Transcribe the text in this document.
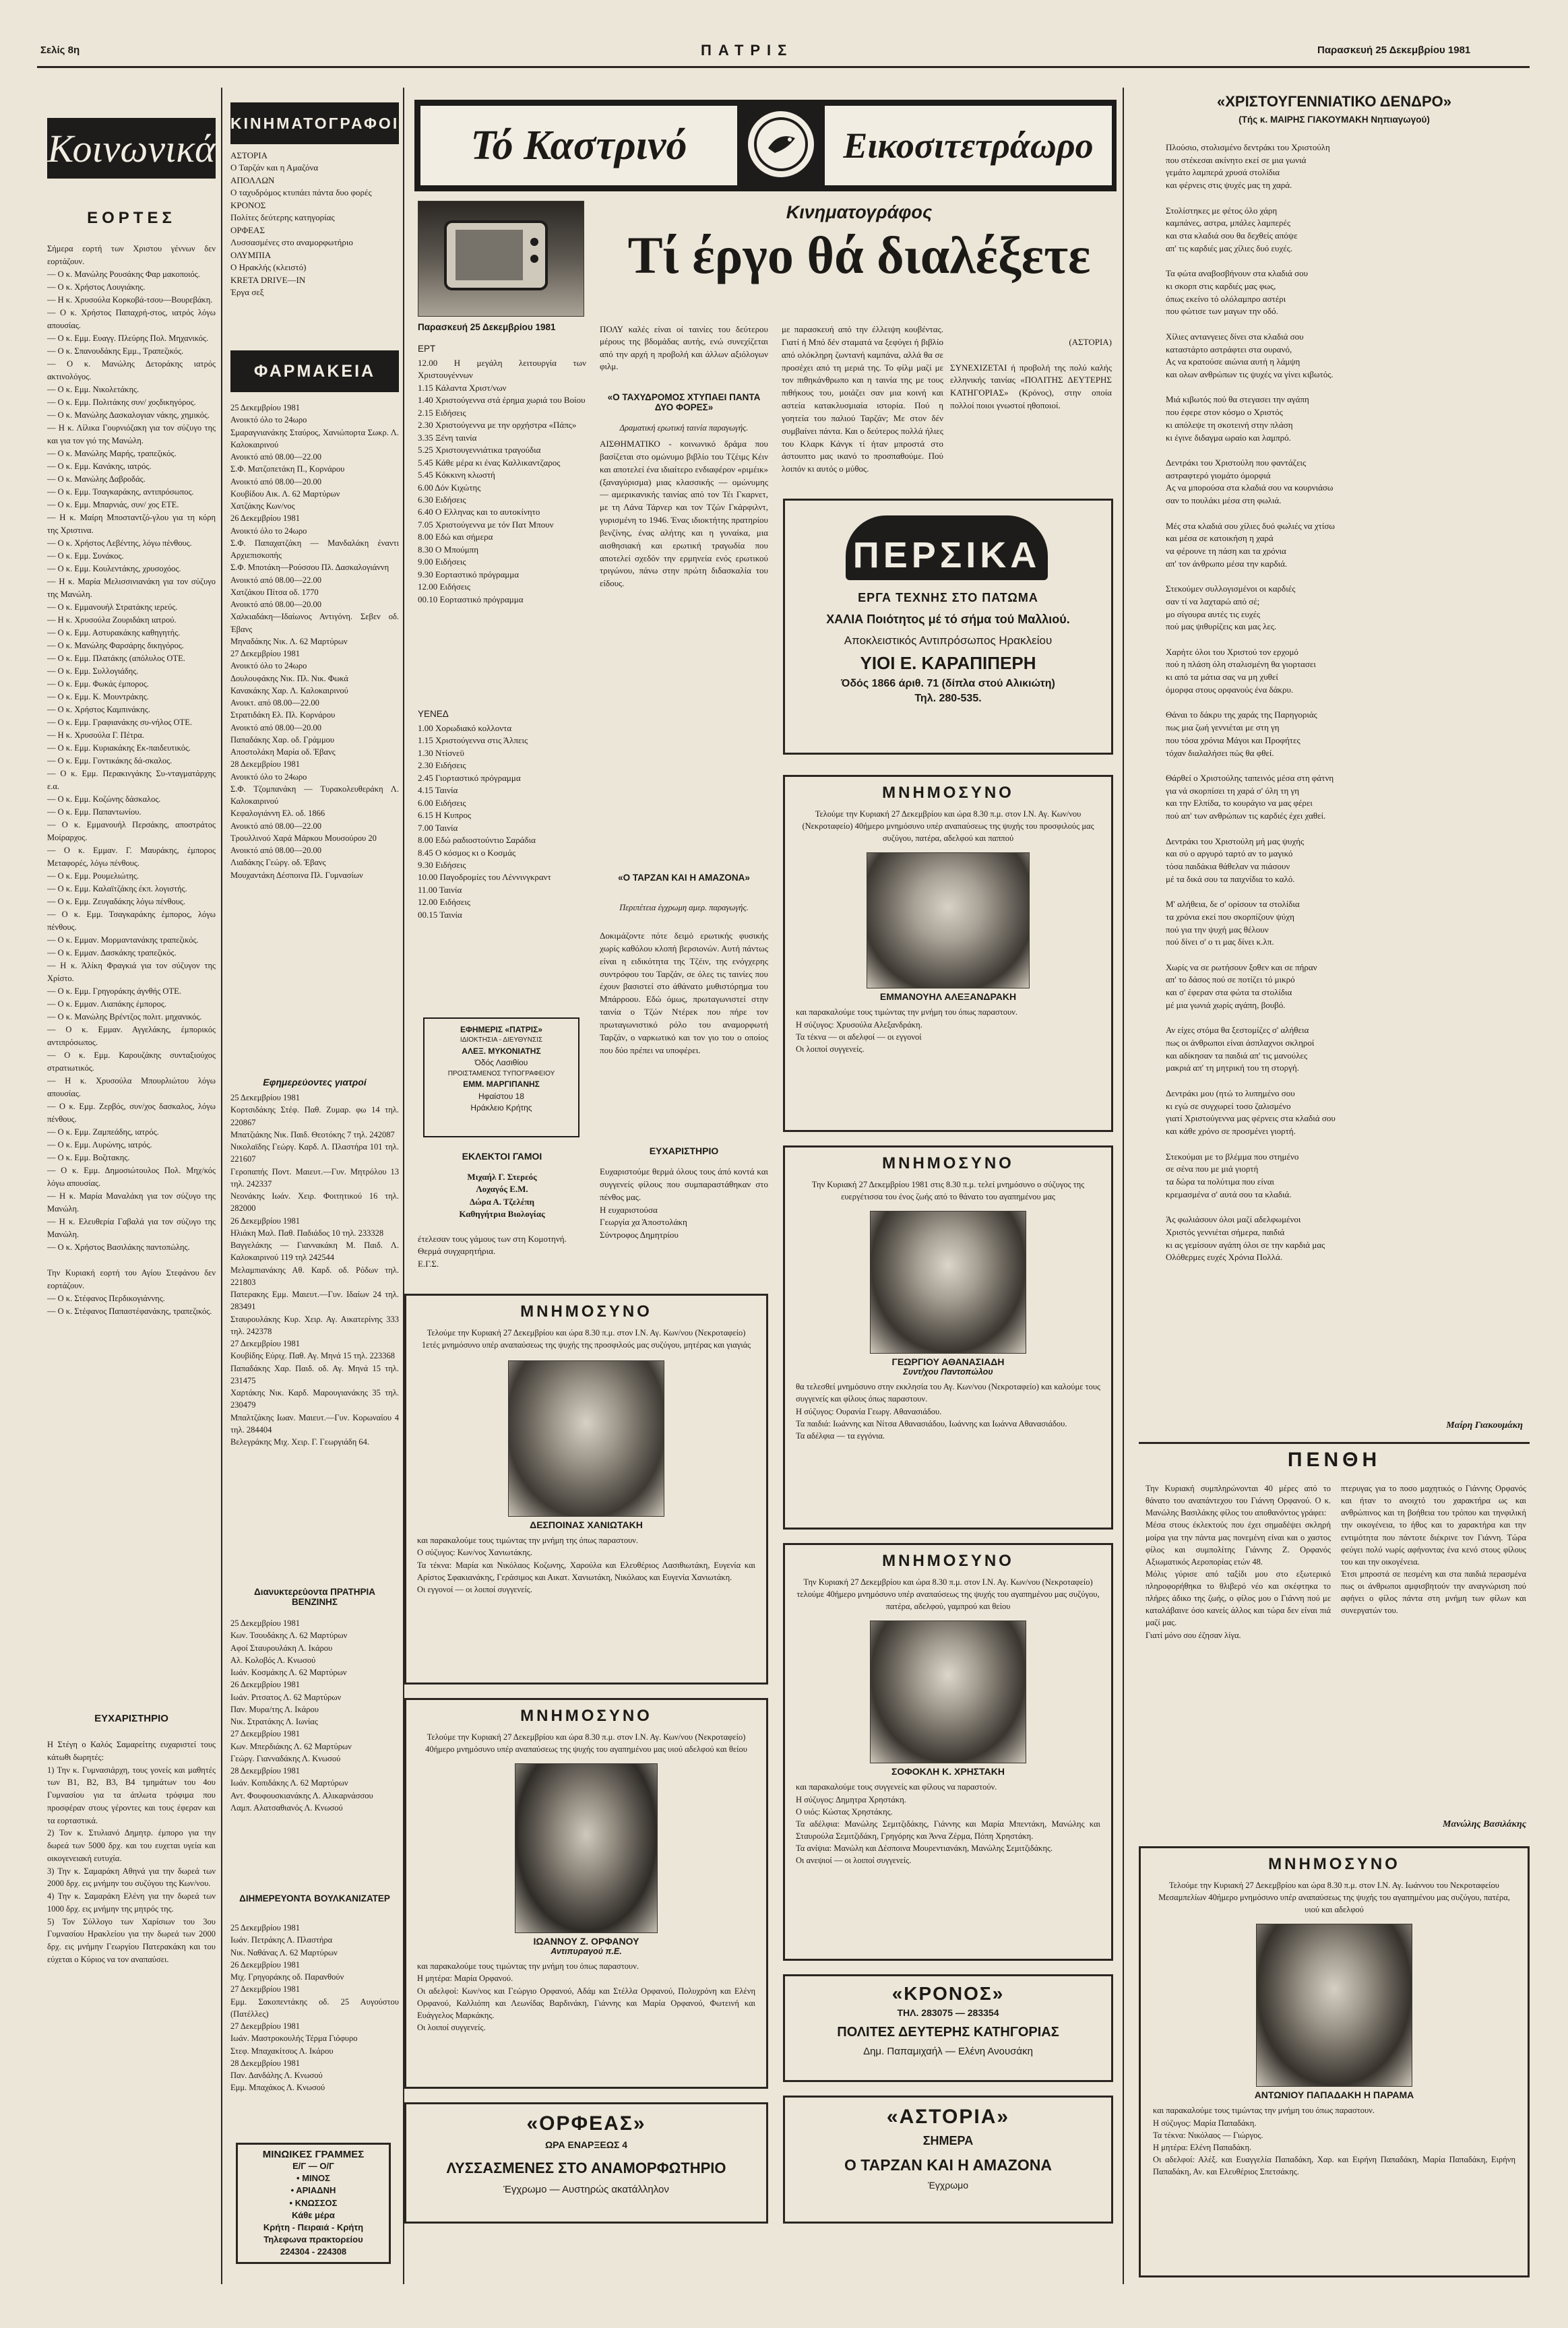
Σελίς 8η	ΠΑΤΡΙΣ	Παρασκευή 25 Δεκεμβρίου 1981
Κοινωνικά
ΕΟΡΤΕΣ
Σήμερα εορτή των Χριστου γέννων δεν εορτάζουν.
— Ο κ. Μανώλης Ρουσάκης Φαρ μακοποιός.
— Ο κ. Χρήστος Λουγιάκης.
— Η κ. Χρυσούλα Κορκοβά-τσου—Βουρεβάκη.
— Ο κ. Χρήστος Παπαχρή-στος, ιατρός λόγω απουσίας.
— Ο κ. Εμμ. Ευαγγ. Πλεύρης Πολ. Μηχανικός.
— Ο κ. Σπανουδάκης Εμμ., Τραπεζικός.
— Ο κ. Μανώλης Δετοράκης ιατρός ακτινολόγος.
— Ο κ. Εμμ. Νικολετάκης.
— Ο κ. Εμμ. Πολιτάκης συν/ χοςδικηγόρος.
— Ο κ. Μανώλης Δασκαλογιαν νάκης, χημικός.
— Η κ. Λίλικα Γουρνιόζακη για τον σύζυγο της και για τον γιό της Μανώλη.
— Ο κ. Μανώλης Μαρής, τραπεζικός.
— Ο κ. Εμμ. Κανάκης, ιατρός.
— Ο κ. Μανώλης Δαβροδάς.
— Ο κ. Εμμ. Τσαγκαράκης, αντιπρόσωπος.
— Ο κ. Εμμ. Μπαρνιάς, συν/ χος ΕΤΕ.
— Η κ. Μαίρη Μποσταντζό-γλου για τη κόρη της Χριστινα.
— Ο κ. Χρήστος Λεβέντης, λόγω πένθους.
— Ο κ. Εμμ. Συνάκος.
— Ο κ. Εμμ. Κουλεντάκης, χρυσοχόος.
— Η κ. Μαρία Μελισσινιανάκη για τον σύζυγο της Μανώλη.
— Ο κ. Εμμανουήλ Στρατάκης ιερεύς.
— Η κ. Χρυσούλα Ζουριδάκη ιατρού.
— Ο κ. Εμμ. Αστυρακάκης καθηγητής.
— Ο κ. Μανώλης Φαρσάρης δικηγόρος.
— Ο κ. Εμμ. Πλατάκης (απόλυλος ΟΤΕ.
— Ο κ. Εμμ. Συλλογιάδης.
— Ο κ. Εμμ. Φωκάς έμπορος.
— Ο κ. Εμμ. Κ. Μουντράκης.
— Ο κ. Χρήστος Καμπινάκης.
— Ο κ. Εμμ. Γραφιανάκης συ-νήλος ΟΤΕ.
— Η κ. Χρυσούλα Γ. Πέτρα.
— Ο κ. Εμμ. Κυριακάκης Εκ-παιδευτικός.
— Ο κ. Εμμ. Γοντικάκης δά-σκαλος.
— Ο κ. Εμμ. Περακινγάκης Συ-νταγματάρχης ε.α.
— Ο κ. Εμμ. Κοζώνης δάσκαλος.
— Ο κ. Εμμ. Παπαντωνίου.
— Ο κ. Εμμανουήλ Περσάκης, αποστράτος Μοίραρχος.
— Ο κ. Εμμαν. Γ. Μαυράκης, έμπορος Μεταφορές, λόγω πένθους.
— Ο κ. Εμμ. Ρουμελιώτης.
— Ο κ. Εμμ. Καλαϊτζάκης έκπ. λογιστής.
— Ο κ. Εμμ. Ζευγαδάκης λόγω πένθους.
— Ο κ. Εμμ. Τσαγκαράκης έμπορος, λόγω πένθους.
— Ο κ. Εμμαν. Μορμαντανάκης τραπεζικός.
— Ο κ. Εμμαν. Δασκάκης τραπεζικός.
— Η κ. Άλίκη Φραγκιά για τον σύζυγον της Χρίστο.
— Ο κ. Εμμ. Γρηγοράκης άγνθής ΟΤΕ.
— Ο κ. Εμμαν. Λιαπάκης έμπορος.
— Ο κ. Μανώλης Βρέντζος πολιτ. μηχανικός.
— Ο κ. Εμμαν. Αγγελάκης, έμπορικός αντιπρόσωπος.
— Ο κ. Εμμ. Καρουζάκης συνταξιούχος στρατιωτικός.
— Η κ. Χρυσούλα Μπουρλιώτου λόγω απουσίας.
— Ο κ. Εμμ. Ζερβός, συν/χος δασκαλος, λόγω πένθους.
— Ο κ. Εμμ. Ζαμπεάδης, ιατρός.
— Ο κ. Εμμ. Λυρώνης, ιατρός.
— Ο κ. Εμμ. Βοζιτακης.
— Ο κ. Εμμ. Δημοσιώτουλος Πολ. Μηχ/κός λόγω απουσίας.
— Η κ. Μαρία Μαναλάκη για τον σύζυγο της Μανώλη.
— Η κ. Ελευθερία Γαβαλά για τον σύζυγο της Μανώλη.
— Ο κ. Χρήστος Βασιλάκης παντοπώλης.

Την Κυριακή εορτή του Αγίου Στεφάνου δεν εορτάζουν.
— Ο κ. Στέφανος Περδικογιάννης.
— Ο κ. Στέφανος Παπαστέφανάκης, τραπεζικός.
ΕΥΧΑΡΙΣΤΗΡΙΟ
Η Στέγη ο Καλός Σαμαρείτης ευχαριστεί τους κάτωθι δωρητές:
1) Την κ. Γυμνασιάρχη, τους γονείς και μαθητές των Β1, Β2, Β3, Β4 τμημάτων του 4ου Γυμνασίου για τα άπλωτα τρόφιμα που προσφέραν στους γέροντες και τους έφεραν και τα εορταστικά.
2) Τον κ. Στυλιανό Δημητρ. έμπορο για την δωρεά των 5000 δρχ. και του ευχεται υγεία και οικογενειακή ευτυχία.
3) Την κ. Σαμαράκη Αθηνά για την δωρεά των 2000 δρχ. εις μνήμην του συζύγου της Κων/νου.
4) Την κ. Σαμαράκη Ελένη για την δωρεά των 1000 δρχ. εις μνήμην της μητρός της.
5) Τον Σύλλογο των Χαρίσιων του 3ου Γυμνασίου Ηρακλείου για την δωρεά των 2000 δρχ. εις μνήμην Γεωργίου Πατερακάκη και του εύχεται ο Κύριος να τον αναπαύσει.
ΚΙΝΗΜΑΤΟΓΡΑΦΟΙ
ΑΣΤΟΡΙΑ
Ο Ταρζάν και η Αμαζόνα
ΑΠΟΛΛΩΝ
Ο ταχυδρόμος κτυπάει πάντα δυο φορές
ΚΡΟΝΟΣ
Πολίτες δεύτερης κατηγορίας
ΟΡΦΕΑΣ
Λυσσασμένες στο αναμορφωτήριο
ΟΛΥΜΠΙΑ
Ο Ηρακλής (κλειστό)
KRETA DRIVE—IN
Έργα σεξ
ΦΑΡΜΑΚΕΙΑ
25 Δεκεμβρίου 1981
Ανοικτό όλο το 24ωρο
Σμαραγνιανάκης Σταύρος, Χανιώπορτα Σωκρ. Λ. Καλοκαιρινού
Ανοικτό από 08.00—22.00
Σ.Φ. Ματζοπετάκη Π., Κορνάρου
Ανοικτό από 08.00—20.00
Κουβίδου Αικ. Λ. 62 Μαρτύρων
Χατζάκης Κων/νος
26 Δεκεμβρίου 1981
Ανοικτό όλο το 24ωρο
Σ.Φ. Παπαχατζάκη — Μανδαλάκη έναντι Αρχιεπισκοπής
Σ.Φ. Μποτάκη—Ρούσσου Πλ. Δασκαλογιάννη
Ανοικτό από 08.00—22.00
Χατζάκου Πίτσα οδ. 1770
Ανοικτό από 08.00—20.00
Χαλκιαδάκη—Ιδαίωνος Αντιγόνη. Σεβεν οδ. Έβανς
Μηναδάκης Νικ. Λ. 62 Μαρτύρων
27 Δεκεμβρίου 1981
Ανοικτό όλο το 24ωρο
Δουλουφάκης Νικ. Πλ. Νικ. Φωκά
Κανακάκης Χαρ. Λ. Καλοκαιρινού
Ανοικτ. από 08.00—22.00
Στρατιδάκη Ελ. Πλ. Κορνάρου
Ανοικτό από 08.00—20.00
Παπαδάκης Χαρ. οδ. Γράμμου
Αποστολάκη Μαρία οδ. Έβανς
28 Δεκεμβρίου 1981
Ανοικτό όλο το 24ωρο
Σ.Φ. Τζομπανάκη — Τυρακολευθεράκη Λ. Καλοκαιρινού
Κεφαλογιάννη Ελ. οδ. 1866
Ανοικτό από 08.00—22.00
Τρουλλινού Χαρά Μάρκου Μουσούρου 20
Ανοικτό από 08.00—20.00
Λιαδάκης Γεώργ. οδ. Έβανς
Μουχαντάκη Δέσποινα Πλ. Γυμνασίων
Εφημερεύοντες γιατροί
25 Δεκεμβρίου 1981
Κορτσιδάκης Στέφ. Παθ. Ζυμαρ. φω 14 τηλ. 220867
Μπατζιάκης Νικ. Παιδ. Θεοτόκης 7 τηλ. 242087
Νικολαϊδης Γεώργ. Καρδ. Λ. Πλαστήρα 101 τηλ. 221607
Γεροπαπής Ποντ. Μαιευτ.—Γυν. Μητρόλου 13 τηλ. 242337
Νεονάκης Ιωάν. Χειρ. Φοιτητικού 16 τηλ. 282000
26 Δεκεμβρίου 1981
Ηλιάκη Μαλ. Παθ. Παδιάδος 10 τηλ. 233328
Βαγγελάκης — Γιαννακάκη Μ. Παιδ. Λ. Καλοκαιρινού 119 τηλ 242544
Μελαμπιανάκης Αθ. Καρδ. οδ. Ρόδων τηλ. 221803
Πατερακης Εμμ. Μαιευτ.—Γυν. Ιδαίων 24 τηλ. 283491
Σταυρουλάκης Κυρ. Χειρ. Αγ. Αικατερίνης 333 τηλ. 242378
27 Δεκεμβρίου 1981
Κουβίδης Εύριχ. Παθ. Αγ. Μηνά 15 τηλ. 223368
Παπαδάκης Χαρ. Παιδ. οδ. Αγ. Μηνά 15 τηλ. 231475
Χαρτάκης Νικ. Καρδ. Μαρουγιανάκης 35 τηλ. 230479
Μπαλτζάκης Ιωαν. Μαιευτ.—Γυν. Κορωναίου 4 τηλ. 284404
Βελεγράκης Μιχ. Χειρ. Γ. Γεωργιάδη 64.
Διανυκτερεύοντα ΠΡΑΤΗΡΙΑ ΒΕΝΖΙΝΗΣ
25 Δεκεμβρίου 1981
Κων. Τσουδάκης Λ. 62 Μαρτύρων
Αφοί Σταυρουλάκη Λ. Ικάρου
Αλ. Κολοβός Λ. Κνωσού
Ιωάν. Κοσμάκης Λ. 62 Μαρτύρων
26 Δεκεμβρίου 1981
Ιωάν. Ριτσατος Λ. 62 Μαρτύρων
Παν. Μυρα/της Λ. Ικάρου
Νικ. Στρατάκης Λ. Ιωνίας
27 Δεκεμβρίου 1981
Κων. Μπερδιάκης Λ. 62 Μαρτύρων
Γεώργ. Γιανναδάκης Λ. Κνωσού
28 Δεκεμβρίου 1981
Ιωάν. Κοπιδάκης Λ. 62 Μαρτύρων
Αντ. Φουφουσκιανάκης Λ. Αλικαρνάσσου
Λαμπ. Αλατσαθιανός Λ. Κνωσού
ΔΙΗΜΕΡΕΥΟΝΤΑ ΒΟΥΛΚΑΝΙΖΑΤΕΡ
25 Δεκεμβρίου 1981
Ιωάν. Πετράκης Λ. Πλαστήρα
Νικ. Ναθάνας Λ. 62 Μαρτύρων
26 Δεκεμβρίου 1981
Μιχ. Γρηγοράκης οδ. Παρανθούν
27 Δεκεμβρίου 1981
Εμμ. Σακοπεντάκης οδ. 25 Αυγούστου (Πατέλλες)
27 Δεκεμβρίου 1981
Ιωάν. Μαστροκουλής Τέρμα Γιόφυρο
Στεφ. Μπαχακίτσος Λ. Ικάρου
28 Δεκεμβρίου 1981
Παν. Δανδάλης Λ. Κνωσού
Εμμ. Μπαχάκος Λ. Κνωσού
ΜΙΝΩΙΚΕΣ ΓΡΑΜΜΕΣ
Ε/Γ — Ο/Γ
• ΜΙΝΟΣ
• ΑΡΙΑΔΝΗ
• ΚΝΩΣΣΟΣ
Κάθε μέρα
Κρήτη - Πειραιά - Κρήτη
Τηλεφωνα πρακτορείου
224304 - 224308
Τό Καστρινό	Εικοσιτετράωρο
Κινηματογράφος
Τί έργο θά διαλέξετε
Παρασκευή 25 Δεκεμβρίου 1981
ΕΡΤ
12.00 Η μεγάλη λειτουργία των Χριστουγέννων
1.15 Κάλαντα Χριστ/νων
1.40 Χριστούγεννα στά έρημα χωριά του Βοίου
2.15 Ειδήσεις
2.30 Χριστούγεννα με την ορχήστρα «Πάπς»
3.35 Ξένη ταινία
5.25 Χριστουγεννιάτικα τραγούδια
5.45 Κάθε μέρα κι ένας Καλλικαντζαρος
5.45 Κόκκινη κλωστή
6.00 Δόν Κιχώτης
6.30 Ειδήσεις
6.40 Ο Ελληνας και το αυτοκίνητο
7.05 Χριστούγεννα με τόν Πατ Μπουν
8.00 Εδώ και σήμερα
8.30 Ο Μπούμπη
9.00 Ειδήσεις
9.30 Εορταστικό πρόγραμμα
12.00 Ειδήσεις
00.10 Εορταστικό πρόγραμμα
ΥΕΝΕΔ
1.00 Χορωδιακό κολλοντα
1.15 Χριστούγεννα στις Άλπεις
1.30 Ντίσνεϋ
2.30 Ειδήσεις
2.45 Γιορταστικό πρόγραμμα
4.15 Ταινία
6.00 Ειδήσεις
6.15 Η Κυπρος
7.00 Ταινία
8.00 Εδώ ραδιοστούντιο Σαράδια
8.45 Ο κόσμος κι ο Κοσμάς
9.30 Ειδήσεις
10.00 Παγοδρομίες του Λέννινγκραντ
11.00 Ταινία
12.00 Ειδήσεις
00.15 Ταινία
ΕΦΗΜΕΡΙΣ «ΠΑΤΡΙΣ»
ΙΔΙΟΚΤΗΣΙΑ - ΔΙΕΥΘΥΝΣΙΣ
ΑΛΕΞ. ΜΥΚΟΝΙΑΤΗΣ
Όδός Λασιθίου
ΠΡΟΙΣΤΑΜΕΝΟΣ ΤΥΠΟΓΡΑΦΕΙΟΥ
ΕΜΜ. ΜΑΡΓΙΠΑΝΗΣ
Ηφαίστου 18
Ηράκλειο Κρήτης
ΕΚΛΕΚΤΟΙ ΓΑΜΟΙ
Μιχαήλ Γ. Στερεός
Λοχαγός Ε.Μ.
Δώρα Α. Τζελέπη
Καθηγήτρια Βιολογίας
έτελεσαν τους γάμους των στη Κομοτηνή.
Θερμά συγχαρητήρια.
Ε.Γ.Σ.
ΠΟΛΥ καλές είναι οί ταινίες του δεύτερου μέρους της βδομάδας αυτής, ενώ συνεχίζεται από την αρχή η προβολή και άλλων αξιόλογων φιλμ.
«Ο ΤΑΧΥΔΡΟΜΟΣ ΧΤΥΠΑΕΙ ΠΑΝΤΑ ΔΥΟ ΦΟΡΕΣ»
Δραματική ερωτική ταινία παραγωγής.
ΑΙΣΘΗΜΑΤΙΚΟ - κοινωνικό δράμα που βασίζεται στο ομώνυμο βιβλίο του Τζέιμς Κέιν και αποτελεί ένα ιδιαίτερο ενδιαφέρον «ριμέικ» (ξαναγύρισμα) μιας κλασσικής — ομώνυμης — αμερικανικής ταινίας από τον Τέι Γκαρνετ, με τη Λάνα Τάρνερ και τον Τζών Γκάρφιλντ, γυρισμένη το 1946. Ένας ιδιοκτήτης πρατηρίου βενζίνης, ένας αλήτης και η γυναίκα, μια αισθησιακή και ερωτική τραγωδία που αποτελεί σχεδόν την ερμηνεία ενός ερωτικού τριγώνου, πάνω στην πρώτη διδασκαλία του είδους.
«Ο ΤΑΡΖΑΝ ΚΑΙ Η ΑΜΑΖΟΝΑ»
Περιπέτεια έγχρωμη αμερ. παραγωγής.
Δοκιμάζοντε πότε δειμό ερωτικής φυσικής χωρίς καθόλου κλοπή βερσιονών. Αυτή πάντως είναι η ειδικότητα της Τζέιν, της ενόγχερης συντρόφου του Ταρζάν, σε όλες τις ταινίες που έχουν βασιστεί στο άθάνατο μυθιστόρημα του Μπάρροου. Εδώ όμως, πρωταγωνιστεί στην ταινία ο Τζών Ντέρεκ που πήρε τον πρωταγωνιστικό ρόλο του αναμορφωτή Ταρζάν, ο ναρκωτικό και τον γιο του ο οποίος που δύο πρέπει να υποφέρει.
ΕΥΧΑΡΙΣΤΗΡΙΟ
Ευχαριστούμε θερμά όλους τους άπό κοντά και συγγενείς φίλους που συμπαραστάθηκαν στο πένθος μας.
Η ευχαριστούσα
Γεωργία χα Άποστολάκη
Σύντροφος Δημητρίου
με παρασκευή από την έλλειψη κουβέντας. Γιατί ή Μπό δέν σταματά να ξεφύγει ή βιβλίο από ολόκληρη ζωντανή καμπάνα, αλλά θα σε προσέχει από τη μεριά της. Το φίλμ μαζί με τον πιθηκάνθρωπο και η ταινία της με τους πιθήκους του, μοιάζει σαν μια κοινή και αστεία κατακλυσμιαία ιστορία. Πού η γοητεία του παλιού Ταρζάν; Με στον δέν συμβαίνει πάντα. Και ο δεύτερος πολλά ήλιες του Κλαρκ Κάνγκ τί ήταν μπροστά στο άστουπτο μας ικανό το προσπαθούμε. Πού λοιπόν κι αυτός ο μύθος.

(ΑΣΤΟΡΙΑ)

ΣΥΝΕΧΙΖΕΤΑΙ ή προβολή της πολύ καλής ελληνικής ταινίας «ΠΟΛΙΤΗΣ ΔΕΥΤΕΡΗΣ ΚΑΤΗΓΟΡΙΑΣ» (Κρόνος), στην οποία πολλοί ποιοι γνωστοί ηθοποιοί.

ΠΕΡΣΙΚΑ
ΕΡΓΑ ΤΕΧΝΗΣ ΣΤΟ ΠΑΤΩΜΑ
ΧΑΛΙΑ Ποιότητος μέ τό σήμα τού Μαλλιού.
Αποκλειστικός Αντιπρόσωπος Ηρακλείου
ΥΙΟΙ Ε. ΚΑΡΑΠΙΠΕΡΗ
Όδός 1866 άριθ. 71 (δίπλα στού Αλικιώτη)
Τηλ. 280-535.
ΜΝΗΜΟΣΥΝΟ
Τελούμε την Κυριακή 27 Δεκεμβρίου και ώρα 8.30 π.μ. στον Ι.Ν. Αγ. Κων/νου (Νεκροταφείο) 40ήμερο μνημόσυνο υπέρ αναπαύσεως της ψυχής του προσφιλούς μας συζύγου, πατέρα, αδελφού και παππού
ΕΜΜΑΝΟΥΗΛ ΑΛΕΞΑΝΔΡΑΚΗ
και παρακαλούμε τους τιμώντας την μνήμη του όπως παραστουν.
Η σύζυγος: Χρυσούλα Αλεξανδράκη.
Τα τέκνα — οι αδελφοί — οι εγγονοί
Οι λοιποί συγγενείς.
ΜΝΗΜΟΣΥΝΟ
Την Κυριακή 27 Δεκεμβρίου 1981 στις 8.30 π.μ. τελεί μνημόσυνο ο σύζυγος της ευεργέτισσα του ένος ζωής από το θάνατο του αγαπημένου μας
ΓΕΩΡΓΙΟΥ ΑΘΑΝΑΣΙΑΔΗ
Συντ/χου Παντοπώλου
θα τελεσθεί μνημόσυνο στην εκκλησία του Αγ. Κων/νου (Νεκροταφείο) και καλούμε τους συγγενείς και φίλους όπως παραστουν.
Η σύζυγος: Ουρανία Γεωργ. Αθανασιάδου.
Τα παιδιά: Ιωάννης και Νίτσα Αθανασιάδου, Ιωάννης και Ιωάννα Αθανασιάδου.
Τα αδέλφια — τα εγγόνια.
ΜΝΗΜΟΣΥΝΟ
Τελούμε την Κυριακή 27 Δεκεμβρίου και ώρα 8.30 π.μ. στον Ι.Ν. Αγ. Κων/νου (Νεκροταφείο) 1ετές μνημόσυνο υπέρ αναπαύσεως της ψυχής της προσφιλούς μας συζύγου, μητέρας και γιαγιάς
ΔΕΣΠΟΙΝΑΣ ΧΑΝΙΩΤΑΚΗ
και παρακαλούμε τους τιμώντας την μνήμη της όπως παραστουν.
Ο σύζυγος: Κων/νος Χανιωτάκης.
Τα τέκνα: Μαρία και Νικόλαος Κοζωνης, Χαρούλα και Ελευθέριος Λασιθιωτάκη, Ευγενία και Αρίστος Σφακιανάκης, Γεράσιμος και Αικατ. Χανιωτάκη, Νικόλαος και Ευγενία Χανιωτάκη.
Οι εγγονοί — οι λοιποί συγγενείς.
ΜΝΗΜΟΣΥΝΟ
Τελούμε την Κυριακή 27 Δεκεμβρίου και ώρα 8.30 π.μ. στον Ι.Ν. Αγ. Κων/νου (Νεκροταφείο) 40ήμερο μνημόσυνο υπέρ αναπαύσεως της ψυχής του αγαπημένου μας υιού αδελφού και θείου
ΙΩΑΝΝΟΥ Ζ. ΟΡΦΑΝΟΥ
Αντιπυραγού π.Ε.
και παρακαλούμε τους τιμώντας την μνήμη του όπως παραστουν.
Η μητέρα: Μαρία Ορφανού.
Οι αδελφοί: Κων/νος και Γεώργιο Ορφανού, Αδάμ και Στέλλα Ορφανού, Πολυχρόνη και Ελένη Ορφανού, Καλλιόπη και Λεωνίδας Βαρδινάκη, Γιάννης και Μαρία Ορφανού, Φωτεινή και Ευάγγελος Μαρκάκης.
Οι λοιποί συγγενείς.
ΜΝΗΜΟΣΥΝΟ
Την Κυριακή 27 Δεκεμβρίου και ώρα 8.30 π.μ. στον Ι.Ν. Αγ. Κων/νου (Νεκροταφείο) τελούμε 40ήμερο μνημόσυνο υπέρ αναπαύσεως της ψυχής του αγαπημένου μας συζύγου, πατέρα, αδελφού, γαμπρού και θείου
ΣΟΦΟΚΛΗ Κ. ΧΡΗΣΤΑΚΗ
και παρακαλούμε τους συγγενείς και φίλους να παραστούν.
Η σύζυγος: Δημητρα Χρηστάκη.
Ο υιός: Κώστας Χρηστάκης.
Τα αδέλφια: Μανώλης Σεμιτζιδάκης, Γιάννης και Μαρία Μπεντάκη, Μανώλης και Σταυρούλα Σεμιτζιδάκη, Γρηγόρης και Άννα Ζέρμα, Πόπη Χρηστάκη.
Τα ανίψια: Μανώλη και Δέσποινα Μουρεντιανάκη, Μανώλης Σεμιτζιδάκης.
Οι ανεψιοί — οι λοιποί συγγενείς.
«ΚΡΟΝΟΣ»
ΤΗΛ. 283075 — 283354
ΠΟΛΙΤΕΣ ΔΕΥΤΕΡΗΣ ΚΑΤΗΓΟΡΙΑΣ
Δημ. Παπαμιχαήλ — Ελένη Ανουσάκη
«ΟΡΦΕΑΣ»
ΩΡΑ ΕΝΑΡΞΕΩΣ 4
ΛΥΣΣΑΣΜΕΝΕΣ ΣΤΟ ΑΝΑΜΟΡΦΩΤΗΡΙΟ
Έγχρωμο — Αυστηρώς ακατάλληλον
«ΑΣΤΟΡΙΑ»
ΣΗΜΕΡΑ
Ο ΤΑΡΖΑΝ ΚΑΙ Η ΑΜΑΖΟΝΑ
Έγχρωμο
«ΧΡΙΣΤΟΥΓΕΝΝΙΑΤΙΚΟ ΔΕΝΔΡΟ»
(Τής κ. ΜΑΙΡΗΣ ΓΙΑΚΟΥΜΑΚΗ Νηπιαγωγού)
Πλούσιο, στολισμένο δεντράκι του Χριστούλη
που στέκεσαι ακίνητο εκεί σε μια γωνιά
γεμάτο λαμπερά χρυσά στολίδια
και φέρνεις στις ψυχές μας τη χαρά.

Στολίστηκες με φέτος όλο χάρη
καμπάνες, αστρα, μπάλες λαμπερές
και στα κλαδιά σου θα δεχθείς απόψε
απ' τις καρδιές μας χίλιες δυό ευχές.

Τα φώτα αναβοσβήνουν στα κλαδιά σου
κι σκορπ στις καρδιές μας φως,
όπως εκείνο τό ολόλαμπρο αστέρι
που φώτισε των μαγων την οδό.

Χίλιες αντανγειες δίνει στα κλαδιά σου
καταστάρτο αστράφτει στα ουρανό,
Ας να κρατούσε αιώνια αυτή η λάμψη
και ολων ανθρώπων τις ψυχές να γίνει κιβωτός.

Μιά κιβωτός πού θα στεγασει την αγάπη
που έφερε στον κόσμο ο Χριστός
κι απόλεψε τη σκοτεινή στην πλάση
κι έγινε διδαγμα ωραίο και λαμπρό.

Δεντράκι του Χριστούλη που φαντάζεις
αστραφτερό γιομάτο όμορφιά
Ας να μπορούσα στα κλαδιά σου να κουρνιάσω
σαν το πουλάκι μέσα στη φωλιά.

Μές στα κλαδιά σου χίλιες δυό φωλιές να χτίσω
και μέσα σε κατοικήση η χαρά
να φέρουνε τη πάση και τα χρόνια
απ' τον άνθρωπο μέσα την καρδιά.

Στεκούμεν συλλογισμένοι οι καρδιές
σαν τί να λαχταρώ από σέ;
μο σίγουρα αυτές τις ευχές
πού μας ψιθυρίζεις και μας λες.

Χαρήτε όλοι του Χριστού τον ερχομό
πού η πλάση όλη σταλισμένη θα γιορτασει
κι από τα μάτια σας να μη χυθεί
όμορφα στους ορφανούς ένα δάκρυ.

Θάναι το δάκρυ της χαράς της Παρηγοριάς
πως μια ζωή γεννιέται με στη γη
που τόσα χρόνια Μάγοι και Προφήτες
τόχαν διαλαλήσει πώς θα φθεί.

Θάρθεί ο Χριστούλης ταπεινός μέσα στη φάτνη
για νά σκορπίσει τη χαρά σ' όλη τη γη
και την Ελπίδα, το κουράγιο να μας φέρει
πού απ' των ανθρώπων τις καρδιές έχει χαθεί.

Δεντράκι του Χριστούλη μή μας ψυχής
και σύ ο αργυρό ταρτό αν το μαγικό
τόσα παιδάκια θάθελαν να πιάσουν
μέ τα δικά σου τα παιχνίδια το καλό.

Μ' αλήθεια, δε σ' ορίσουν τα στολίδια
τα χρόνια εκεί που σκορπίζουν ψύχη
πού για την ψυχή μας θέλουν
πού δίνει σ' ο τι μας δίνει κ.λπ.

Χωρίς να σε ρωτήσουν ξοθεν και σε πήραν
απ' το δάσος πού σε ποτίζει τό μικρό
και σ' έφεραν στα φώτα τα στολίδια
μέ μια γωνιά χωρίς αγάπη, βουβό.

Αν είχες στόμα θα ξεστομίζες σ' αλήθεια
πως οι άνθρωποι είναι άσπλαχνοι σκληροί
και αδίκησαν τα παιδιά απ' τις μανούλες
μακριά απ' τη μητρική του τη στοργή.

Δεντράκι μου (ητώ το λυπημένο σου
κι εγώ σε συγχωρεί τοσο ζαλισμένο
γιατί Χριστούγεννα μας φέρνεις στα κλαδιά σου
και κάθε χρόνο σε προσμένει γιορτή.

Στεκούμαι με το βλέμμα που στημένο
σε σένα που με μιά γιορτή
τα δώρα τα πολύτιμα που είναι
κρεμασμένα σ' αυτά σου τα κλαδιά.

Άς φωλιάσουν όλοι μαζί αδελφωμένοι
Χριστός γεννιέται σήμερα, παιδιά
κι ας γεμίσουν αγάπη όλοι σε την καρδιά μας
Ολόθερμες ευχές Χρόνια Πολλά.
Μαίρη Γιακουμάκη
ΠΕΝΘΗ
Την Κυριακή συμπληρώνονται 40 μέρες από το θάνατο του αναπάντεχου του Γιάννη Ορφανού. Ο κ. Μανώλης Βασιλάκης φίλος του αποθανόντος γράφει:
Μέσα στους έκλεκτούς που έχει σημαδέψει σκληρή μοίρα για την πάντα μας πονεμένη είναι και ο χαστος φίλος και συμπολίτης Γιάννης Ζ. Ορφανός Αξιωματικός Αεροπορίας ετών 48.
Μόλις γύρισε από ταξίδι μου στο εξωτερικό πληροφορήθηκα το θλιβερό νέο και σκέφτηκα το πλήρες άδικο της ζωής, ο φίλος μου ο Γιάννη πού με καταλάβαινε όσο κανείς άλλος και τώρα δεν είναι πιά μαζί μας.
Γιατί μόνο σου έζησαν λίγα.
πτερυγας για το ποσο μαχητικός ο Γιάννης Ορφανός και ήταν το ανοιχτό του χαρακτήρα ως και ανθρώπινος και τη βοήθεια του τρόπου και τηνφιλική την οικογένεια, το ήθος και το χαρακτήρα και την εντιμότητα που πάντοτε διέκρινε τον Γιάννη. Τώρα φεύγει πολύ νωρίς αφήνοντας ένα κενό στους φίλους του και την οικογένεια.
Έτσι μπροστά σε πεσμένη και στα παιδιά περασμένα πως οι άνθρωποι αμφισβητούν την αναγνώριση πού αφήνει ο φίλος πάντα στη μνήμη των φίλων και συνεργατών του.
Μανώλης Βασιλάκης
ΜΝΗΜΟΣΥΝΟ
Τελούμε την Κυριακή 27 Δεκεμβρίου και ώρα 8.30 π.μ. στον Ι.Ν. Αγ. Ιωάννου του Νεκροταφείου Μεσαμπελίων 40ήμερο μνημόσυνο υπέρ αναπαύσεως της ψυχής του αγαπημένου μας συζύγου, πατέρα, υιού και αδελφού
ΑΝΤΩΝΙΟΥ ΠΑΠΑΔΑΚΗ Η ΠΑΡΑΜΑ
και παρακαλούμε τους τιμώντας την μνήμη του όπως παραστουν.
Η σύζυγος: Μαρία Παπαδάκη.
Τα τέκνα: Νικόλαος — Γιώργος.
Η μητέρα: Ελένη Παπαδάκη.
Οι αδελφοί: Αλέξ. και Ευαγγελία Παπαδάκη, Χαρ. και Ειρήνη Παπαδάκη, Μαρία Παπαδάκη, Ειρήνη Παπαδάκη, Αν. και Ελευθέριος Σπετσάκης.
